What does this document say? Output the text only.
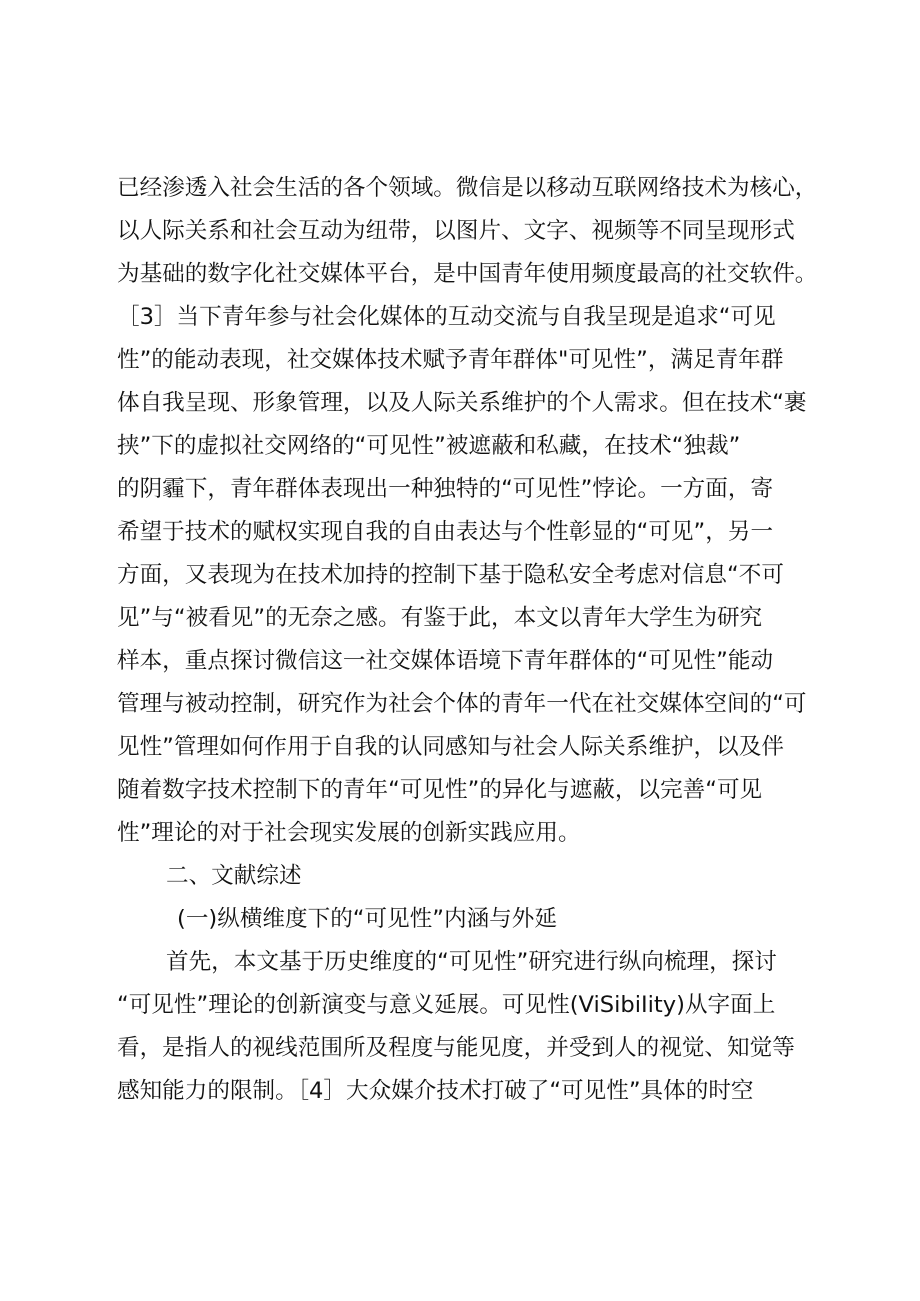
已经渗透入社会生活的各个领域。微信是以移动互联网络技术为核心，
以人际关系和社会互动为纽带，以图片、文字、视频等不同呈现形式
为基础的数字化社交媒体平台，是中国青年使用频度最高的社交软件。
［3］当下青年参与社会化媒体的互动交流与自我呈现是追求“可见
性”的能动表现，社交媒体技术赋予青年群体"可见性”，满足青年群
体自我呈现、形象管理，以及人际关系维护的个人需求。但在技术“裹
挟”下的虚拟社交网络的“可见性”被遮蔽和私藏，在技术“独裁”
的阴霾下，青年群体表现出一种独特的“可见性”悖论。一方面，寄
希望于技术的赋权实现自我的自由表达与个性彰显的“可见”，另一
方面，又表现为在技术加持的控制下基于隐私安全考虑对信息“不可
见”与“被看见”的无奈之感。有鉴于此，本文以青年大学生为研究
样本，重点探讨微信这一社交媒体语境下青年群体的“可见性”能动
管理与被动控制，研究作为社会个体的青年一代在社交媒体空间的“可
见性”管理如何作用于自我的认同感知与社会人际关系维护，以及伴
随着数字技术控制下的青年“可见性”的异化与遮蔽，以完善“可见
性”理论的对于社会现实发展的创新实践应用。
二、文献综述
(一)纵横维度下的“可见性”内涵与外延
首先，本文基于历史维度的“可见性”研究进行纵向梳理，探讨
“可见性”理论的创新演变与意义延展。可见性(ViSibiIity)从字面上
看，是指人的视线范围所及程度与能见度，并受到人的视觉、知觉等
感知能力的限制。［4］大众媒介技术打破了“可见性”具体的时空
